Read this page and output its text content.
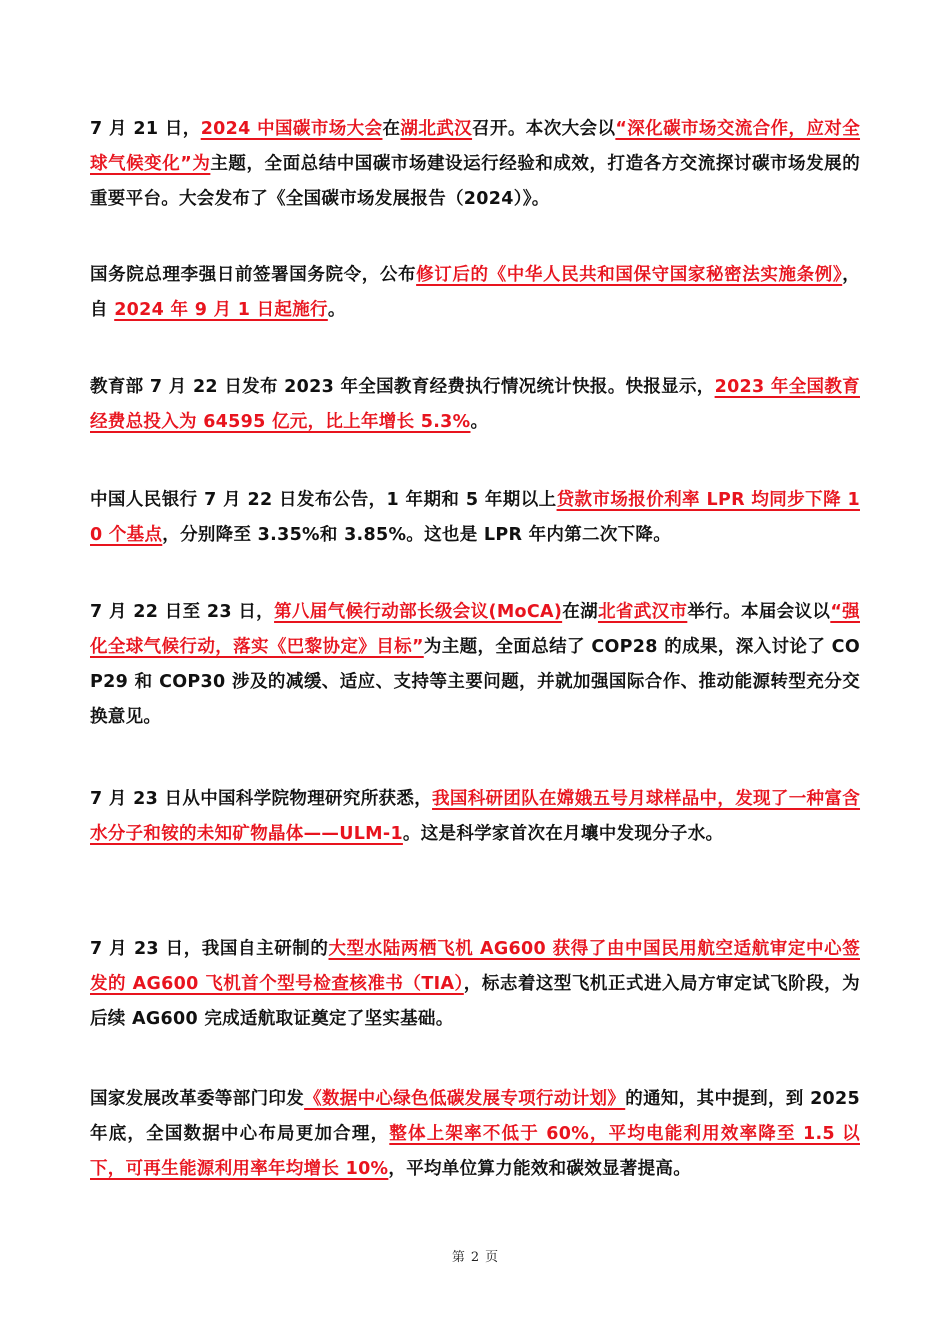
7 月 21 日，2024 中国碳市场大会在湖北武汉召开。本次大会以“深化碳市场交流合作，应对全球气候变化”为主题，全面总结中国碳市场建设运行经验和成效，打造各方交流探讨碳市场发展的重要平台。大会发布了《全国碳市场发展报告（2024）》。
国务院总理李强日前签署国务院令，公布修订后的《中华人民共和国保守国家秘密法实施条例》，自 2024 年 9 月 1 日起施行。
教育部 7 月 22 日发布 2023 年全国教育经费执行情况统计快报。快报显示，2023 年全国教育经费总投入为 64595 亿元，比上年增长 5.3%。
中国人民银行 7 月 22 日发布公告，1 年期和 5 年期以上贷款市场报价利率 LPR 均同步下降 10 个基点，分别降至 3.35%和 3.85%。这也是 LPR 年内第二次下降。
7 月 22 日至 23 日，第八届气候行动部长级会议(MoCA)在湖北省武汉市举行。本届会议以“强化全球气候行动，落实《巴黎协定》目标”为主题，全面总结了 COP28 的成果，深入讨论了 COP29 和 COP30 涉及的减缓、适应、支持等主要问题，并就加强国际合作、推动能源转型充分交换意见。
7 月 23 日从中国科学院物理研究所获悉，我国科研团队在嫦娥五号月球样品中，发现了一种富含水分子和铵的未知矿物晶体——ULM-1。这是科学家首次在月壤中发现分子水。
7 月 23 日，我国自主研制的大型水陆两栖飞机 AG600 获得了由中国民用航空适航审定中心签发的 AG600 飞机首个型号检查核准书（TIA），标志着这型飞机正式进入局方审定试飞阶段，为后续 AG600 完成适航取证奠定了坚实基础。
国家发展改革委等部门印发《数据中心绿色低碳发展专项行动计划》的通知，其中提到，到 2025 年底，全国数据中心布局更加合理，整体上架率不低于 60%，平均电能利用效率降至 1.5 以下，可再生能源利用率年均增长 10%，平均单位算力能效和碳效显著提高。
第 2 页
